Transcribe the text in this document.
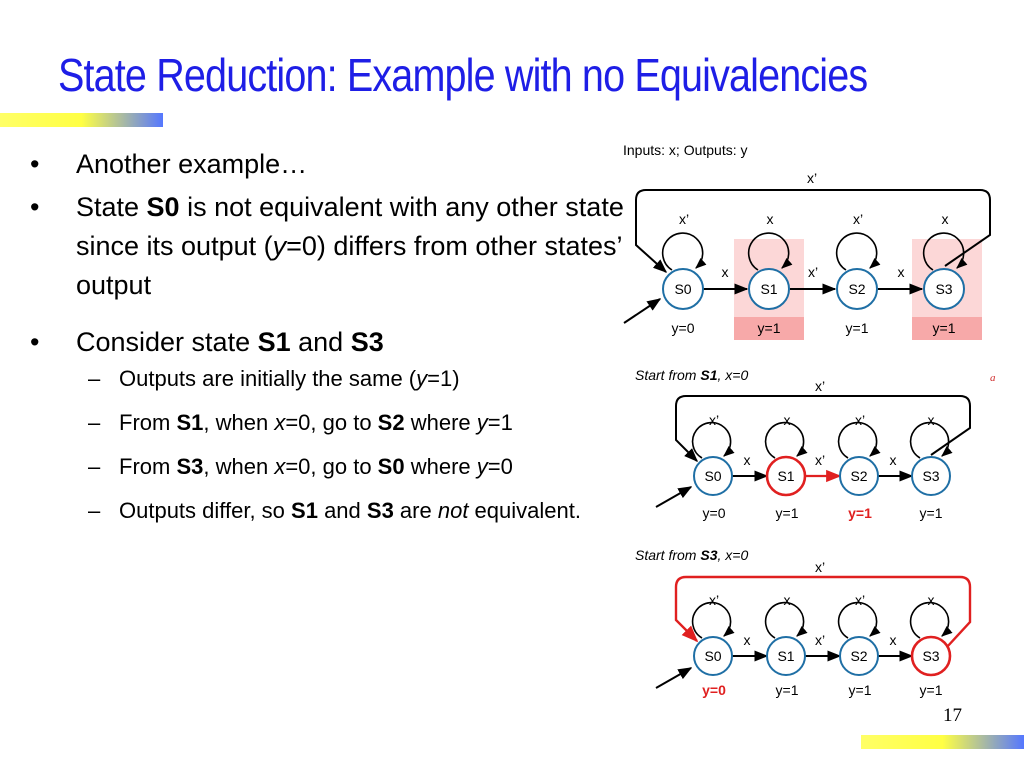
State Reduction: Example with no Equivalencies
17
a
• Another example…
• State S0 is not equivalent with any other state since its output (y=0) differs from other states’ output
• Consider state S1 and S3
– Outputs are initially the same (y=1)
– From S1, when x=0, go to S2 where y=1
– From S3, when x=0, go to S0 where y=0
– Outputs differ, so S1 and S3 are not equivalent.
Inputs: x; Outputs: y
x’
x’	x	x’	x
x	x’	x
S0	S1	S2	S3
y=0	y=1	y=1	y=1
Start from S1, x=0
x’
x’	x	x’	x
x	x’	x
S0	S1	S2	S3
y=0	y=1	y=1	y=1
Start from S3, x=0
x’
x’	x	x’	x
x	x’	x
S0	S1	S2	S3
y=0	y=1	y=1	y=1
